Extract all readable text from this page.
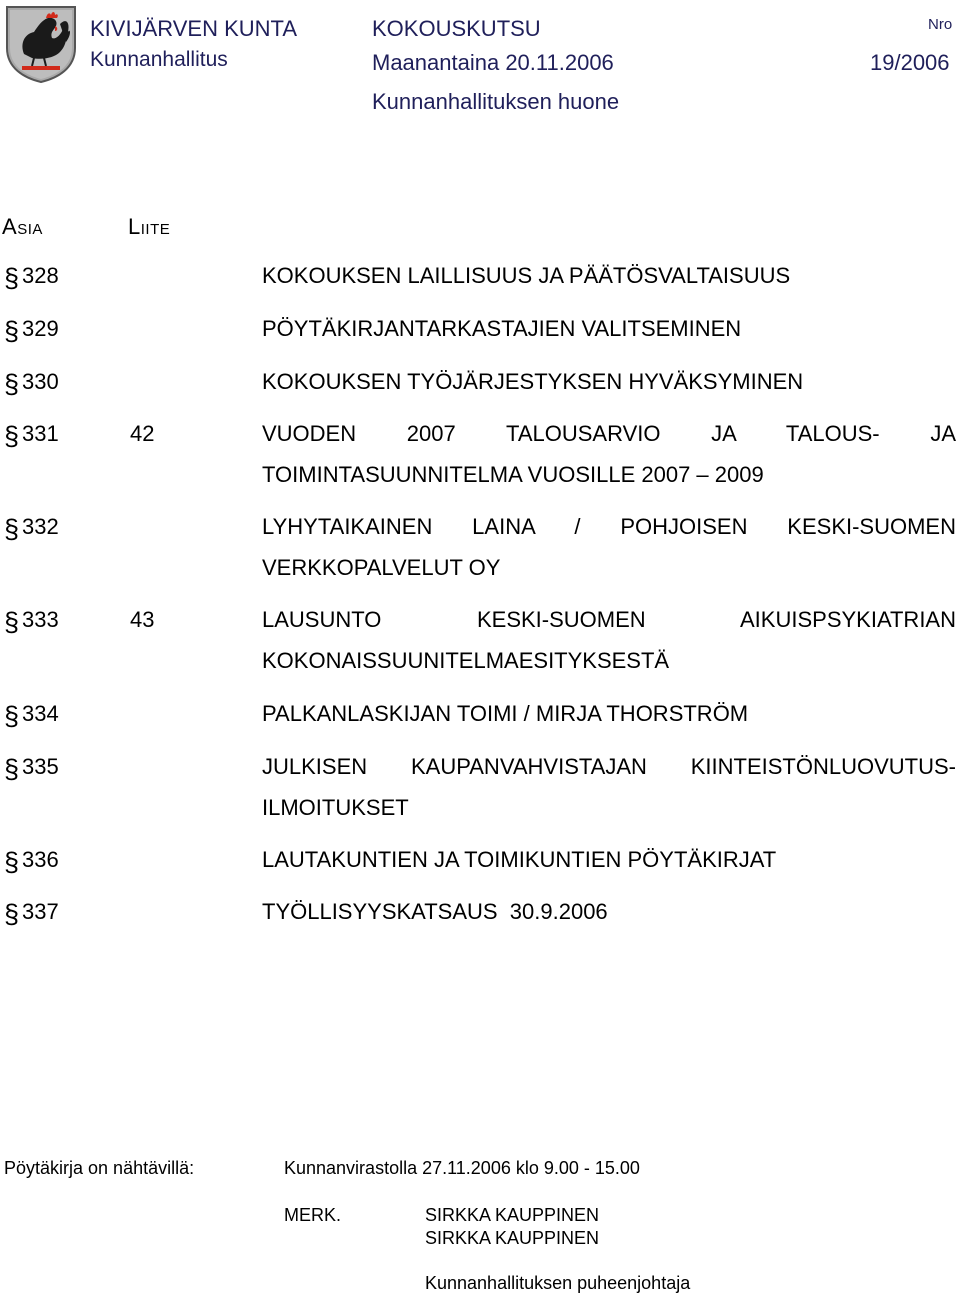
KIVIJÄRVEN KUNTA
Kunnanhallitus
KOKOUSKUTSU	Nro
Maanantaina 20.11.2006	19/2006
Kunnanhallituksen huone
ASIA	LIITE
§ 328	KOKOUKSEN LAILLISUUS JA PÄÄTÖSVALTAISUUS
§ 329	PÖYTÄKIRJANTARKASTAJIEN VALITSEMINEN
§ 330	KOKOUKSEN TYÖJÄRJESTYKSEN HYVÄKSYMINEN
§ 331	42	VUODEN 2007 TALOUSARVIO JA TALOUS- JA
TOIMINTASUUNNITELMA VUOSILLE 2007 – 2009
§ 332	LYHYTAIKAINEN LAINA / POHJOISEN KESKI-SUOMEN
VERKKOPALVELUT OY
§ 333	43	LAUSUNTO KESKI-SUOMEN AIKUISPSYKIATRIAN
KOKONAISSUUNITELMAESITYKSESTÄ
§ 334	PALKANLASKIJAN TOIMI / MIRJA THORSTRÖM
§ 335	JULKISEN KAUPANVAHVISTAJAN KIINTEISTÖNLUOVUTUS-
ILMOITUKSET
§ 336	LAUTAKUNTIEN JA TOIMIKUNTIEN PÖYTÄKIRJAT
§ 337	TYÖLLISYYSKATSAUS  30.9.2006
Pöytäkirja on nähtävillä:	Kunnanvirastolla 27.11.2006 klo 9.00 - 15.00
MERK.	SIRKKA KAUPPINEN
SIRKKA KAUPPINEN
Kunnanhallituksen puheenjohtaja
